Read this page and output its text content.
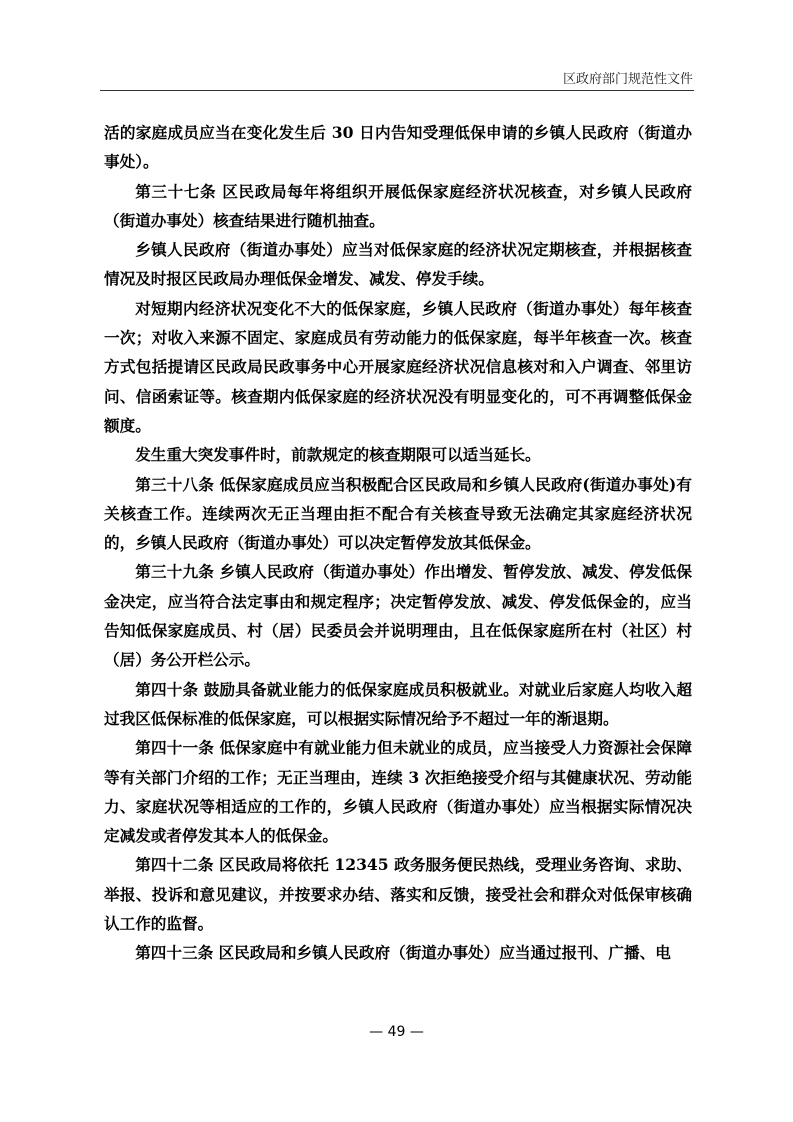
区政府部门规范性文件

活的家庭成员应当在变化发生后 30 日内告知受理低保申请的乡镇人民政府（街道办事处）。

第三十七条 区民政局每年将组织开展低保家庭经济状况核查，对乡镇人民政府（街道办事处）核查结果进行随机抽查。

乡镇人民政府（街道办事处）应当对低保家庭的经济状况定期核查，并根据核查情况及时报区民政局办理低保金增发、减发、停发手续。

对短期内经济状况变化不大的低保家庭，乡镇人民政府（街道办事处）每年核查一次；对收入来源不固定、家庭成员有劳动能力的低保家庭，每半年核查一次。核查方式包括提请区民政局民政事务中心开展家庭经济状况信息核对和入户调查、邻里访问、信函索证等。核查期内低保家庭的经济状况没有明显变化的，可不再调整低保金额度。

发生重大突发事件时，前款规定的核查期限可以适当延长。

第三十八条 低保家庭成员应当积极配合区民政局和乡镇人民政府(街道办事处)有关核查工作。连续两次无正当理由拒不配合有关核查导致无法确定其家庭经济状况的，乡镇人民政府（街道办事处）可以决定暂停发放其低保金。

第三十九条 乡镇人民政府（街道办事处）作出增发、暂停发放、减发、停发低保金决定，应当符合法定事由和规定程序；决定暂停发放、减发、停发低保金的，应当告知低保家庭成员、村（居）民委员会并说明理由，且在低保家庭所在村（社区）村（居）务公开栏公示。

第四十条 鼓励具备就业能力的低保家庭成员积极就业。对就业后家庭人均收入超过我区低保标准的低保家庭，可以根据实际情况给予不超过一年的渐退期。

第四十一条 低保家庭中有就业能力但未就业的成员，应当接受人力资源社会保障等有关部门介绍的工作；无正当理由，连续 3 次拒绝接受介绍与其健康状况、劳动能力、家庭状况等相适应的工作的，乡镇人民政府（街道办事处）应当根据实际情况决定减发或者停发其本人的低保金。

第四十二条 区民政局将依托 12345 政务服务便民热线，受理业务咨询、求助、举报、投诉和意见建议，并按要求办结、落实和反馈，接受社会和群众对低保审核确认工作的监督。

第四十三条 区民政局和乡镇人民政府（街道办事处）应当通过报刊、广播、电

— 49 —
